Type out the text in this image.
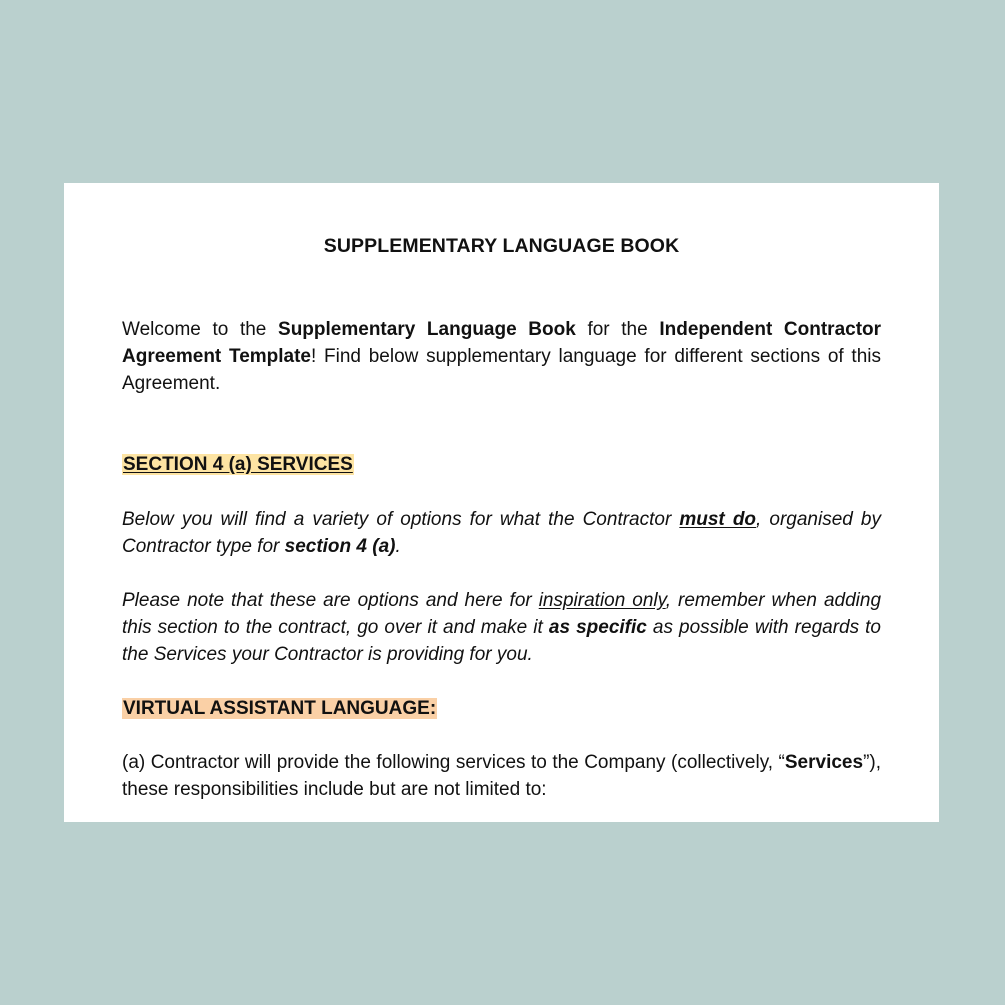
SUPPLEMENTARY LANGUAGE BOOK

Welcome to the Supplementary Language Book for the Independent Contractor Agreement Template! Find below supplementary language for different sections of this Agreement.

SECTION 4 (a) SERVICES

Below you will find a variety of options for what the Contractor must do, organised by Contractor type for section 4 (a).

Please note that these are options and here for inspiration only, remember when adding this section to the contract, go over it and make it as specific as possible with regards to the Services your Contractor is providing for you.

VIRTUAL ASSISTANT LANGUAGE:

(a) Contractor will provide the following services to the Company (collectively, “Services”), these responsibilities include but are not limited to:
